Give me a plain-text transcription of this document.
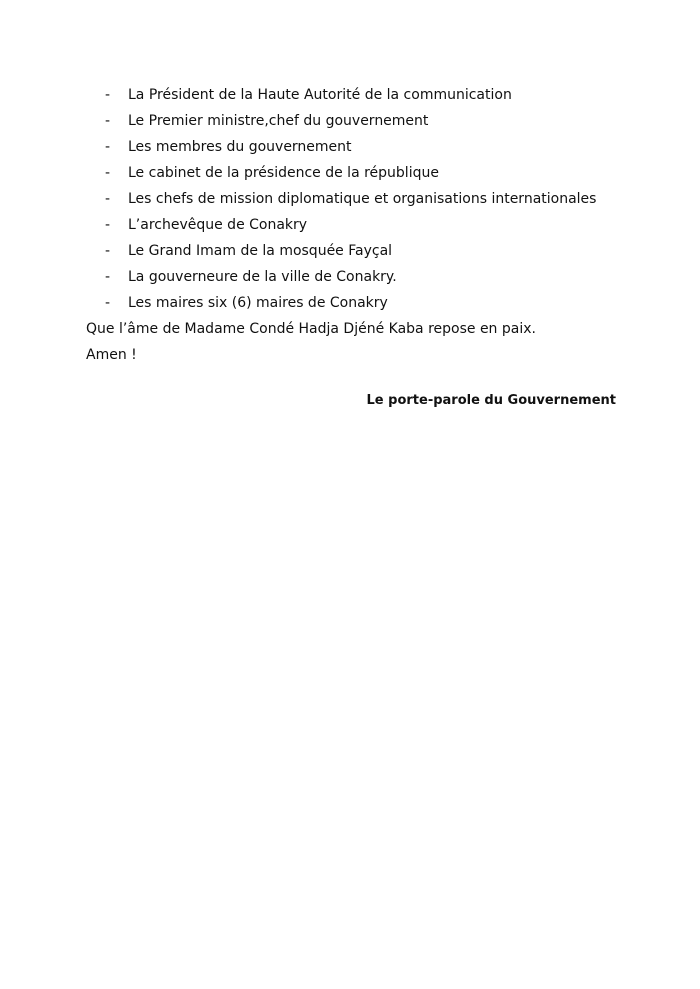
-	La Président de la Haute Autorité de la communication
-	Le Premier ministre,chef du gouvernement
-	Les membres du gouvernement
-	Le cabinet de la présidence de la république
-	Les chefs de mission diplomatique et organisations internationales
-	L’archevêque de Conakry
-	Le Grand Imam de la mosquée Fayçal
-	La gouverneure de la ville de Conakry.
-	Les maires six (6) maires de Conakry
Que l’âme de Madame Condé Hadja Djéné Kaba repose en paix.
Amen !
Le porte-parole du Gouvernement
